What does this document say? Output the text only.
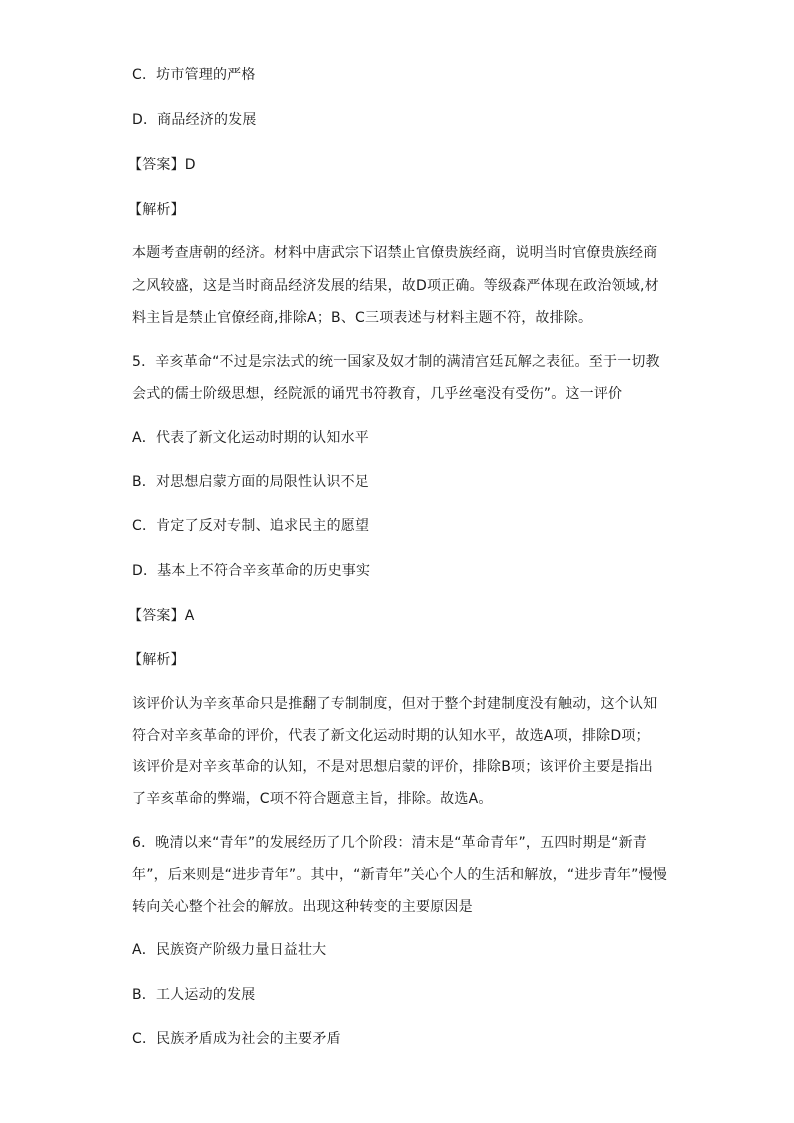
C．坊市管理的严格
D．商品经济的发展
【答案】D
【解析】
本题考查唐朝的经济。材料中唐武宗下诏禁止官僚贵族经商，说明当时官僚贵族经商
之风较盛，这是当时商品经济发展的结果，故D项正确。等级森严体现在政治领域,材
料主旨是禁止官僚经商,排除A；B、C三项表述与材料主题不符，故排除。
5．辛亥革命“不过是宗法式的统一国家及奴才制的满清宫廷瓦解之表征。至于一切教
会式的儒士阶级思想，经院派的诵咒书符教育，几乎丝毫没有受伤”。这一评价
A．代表了新文化运动时期的认知水平
B．对思想启蒙方面的局限性认识不足
C．肯定了反对专制、追求民主的愿望
D．基本上不符合辛亥革命的历史事实
【答案】A
【解析】
该评价认为辛亥革命只是推翻了专制制度，但对于整个封建制度没有触动，这个认知
符合对辛亥革命的评价，代表了新文化运动时期的认知水平，故选A项，排除D项；
该评价是对辛亥革命的认知，不是对思想启蒙的评价，排除B项；该评价主要是指出
了辛亥革命的弊端，C项不符合题意主旨，排除。故选A。
6．晚清以来“青年”的发展经历了几个阶段：清末是“革命青年”，五四时期是“新青
年”，后来则是“进步青年”。其中，“新青年”关心个人的生活和解放，“进步青年”慢慢
转向关心整个社会的解放。出现这种转变的主要原因是
A．民族资产阶级力量日益壮大
B．工人运动的发展
C．民族矛盾成为社会的主要矛盾
